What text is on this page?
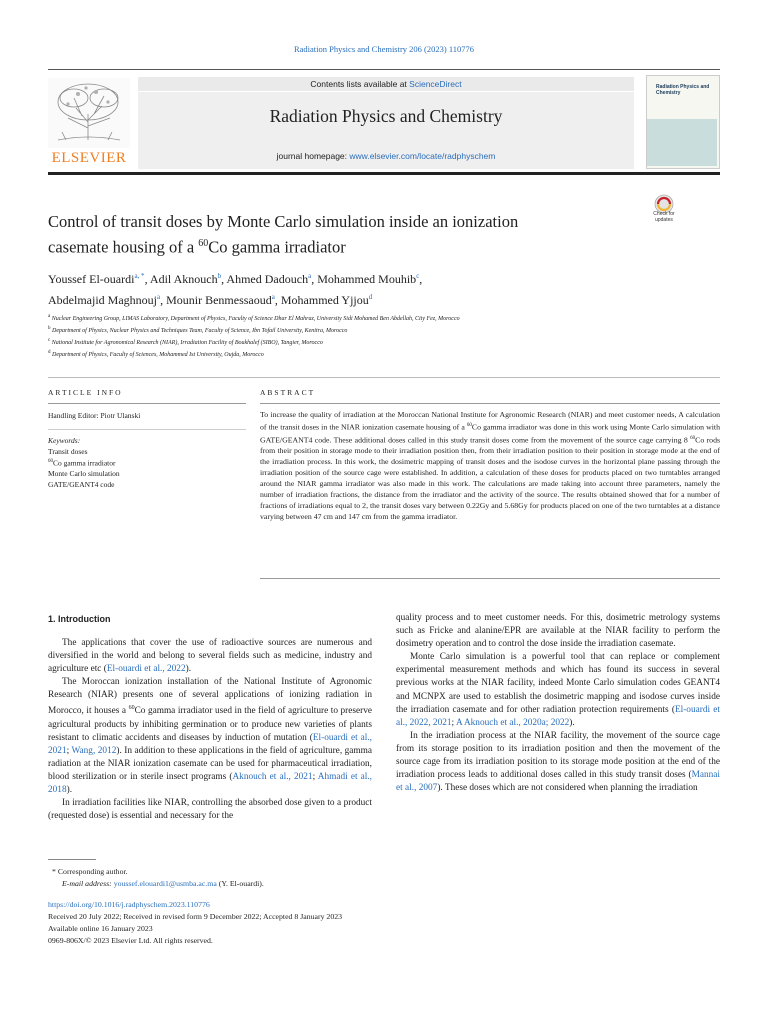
Radiation Physics and Chemistry 206 (2023) 110776
ELSEVIER
Contents lists available at ScienceDirect
Radiation Physics and Chemistry
journal homepage: www.elsevier.com/locate/radphyschem
Radiation Physics and Chemistry
Check for updates
Control of transit doses by Monte Carlo simulation inside an ionization
casemate housing of a $^{60}$Co gamma irradiator
Youssef El-ouardi$^{a, *}$, Adil Aknouch$^b$, Ahmed Dadouch$^a$, Mohammed Mouhib$^c$,
Abdelmajid Maghnouj$^a$, Mounir Benmessaoud$^a$, Mohammed Yjjou$^d$
$^a$ Nuclear Engineering Group, LIMAS Laboratory, Department of Physics, Faculty of Science Dhar El Mahraz, University Sidi Mohamed Ben Abdellah, City Fez, Morocco
$^b$ Department of Physics, Nuclear Physics and Techniques Team, Faculty of Science, Ibn Tofail University, Kenitra, Morocco
$^c$ National Institute for Agronomical Research (NIAR), Irradiation Facility of Boukhalef (SIBO), Tangier, Morocco
$^d$ Department of Physics, Faculty of Sciences, Mohammed Ist University, Oujda, Morocco
ARTICLE INFO
Handling Editor: Piotr Ulanski
Keywords:
Transit doses
$^{60}$Co gamma irradiator
Monte Carlo simulation
GATE/GEANT4 code
ABSTRACT
To increase the quality of irradiation at the Moroccan National Institute for Agronomic Research (NIAR) and meet customer needs, A calculation of the transit doses in the NIAR ionization casemate housing of a $^{60}$Co gamma irradiator was done in this work using Monte Carlo simulation with GATE/GEANT4 code. These additional doses called in this study transit doses come from the movement of the source cage carrying 8 $^{60}$Co rods from their position in storage mode to their irradiation position then, from their irradiation position to their position in storage mode at the end of the irradiation process. In this work, the dosimetric mapping of transit doses and the isodose curves in the horizontal plane passing through the irradiation position of the source cage were established. In addition, a calculation of these doses for products placed on two turntables arranged around the NIAR gamma irradiator was also made in this work. The calculations are made taking into account three parameters, namely the number of irradiation fractions, the distance from the irradiator and the activity of the source. The results obtained showed that for a number of fractions of irradiations equal to 2, the transit doses vary between 0.22Gy and 5.68Gy for products placed on one of the two turntables at a distance varying between 47 cm and 147 cm from the gamma irradiator.
1. Introduction

The applications that cover the use of radioactive sources are numerous and diversified in the world and belong to several fields such as medicine, industry and agriculture etc (El-ouardi et al., 2022).

The Moroccan ionization installation of the National Institute of Agronomic Research (NIAR) presents one of several applications of ionizing radiation in Morocco, it houses a $^{60}$Co gamma irradiator used in the field of agriculture to preserve agricultural products by inhibiting germination or to produce new varieties of plants resistant to climatic accidents and diseases by induction of mutation (El-ouardi et al., 2021; Wang, 2012). In addition to these applications in the field of agriculture, gamma radiation at the NIAR ionization casemate can be used for pharmaceutical irradiation, blood sterilization or in sterile insect programs (Aknouch et al., 2021; Ahmadi et al., 2018).

In irradiation facilities like NIAR, controlling the absorbed dose given to a product (requested dose) is essential and necessary for the

quality process and to meet customer needs. For this, dosimetric metrology systems such as Fricke and alanine/EPR are available at the NIAR facility to perform the dosimetry operation and to control the dose inside the irradiation casemate.

Monte Carlo simulation is a powerful tool that can replace or complement experimental measurement methods and which has found its success in several previous works at the NIAR facility, indeed Monte Carlo simulation codes GEANT4 and MCNPX are used to establish the dosimetric mapping and isodose curves inside the irradiation casemate and for other radiation protection requirements (El-ouardi et al., 2022, 2021; A Aknouch et al., 2020a; 2022).

In the irradiation process at the NIAR facility, the movement of the source cage from its storage position to its irradiation position and then the movement of the source cage from its irradiation position to its storage mode position at the end of the irradiation process leads to additional doses called in this study transit doses (Mannai et al., 2007). These doses which are not considered when planning the irradiation

* Corresponding author.
E-mail address: youssef.elouardi1@usmba.ac.ma (Y. El-ouardi).
https://doi.org/10.1016/j.radphyschem.2023.110776
Received 20 July 2022; Received in revised form 9 December 2022; Accepted 8 January 2023
Available online 16 January 2023
0969-806X/© 2023 Elsevier Ltd. All rights reserved.
